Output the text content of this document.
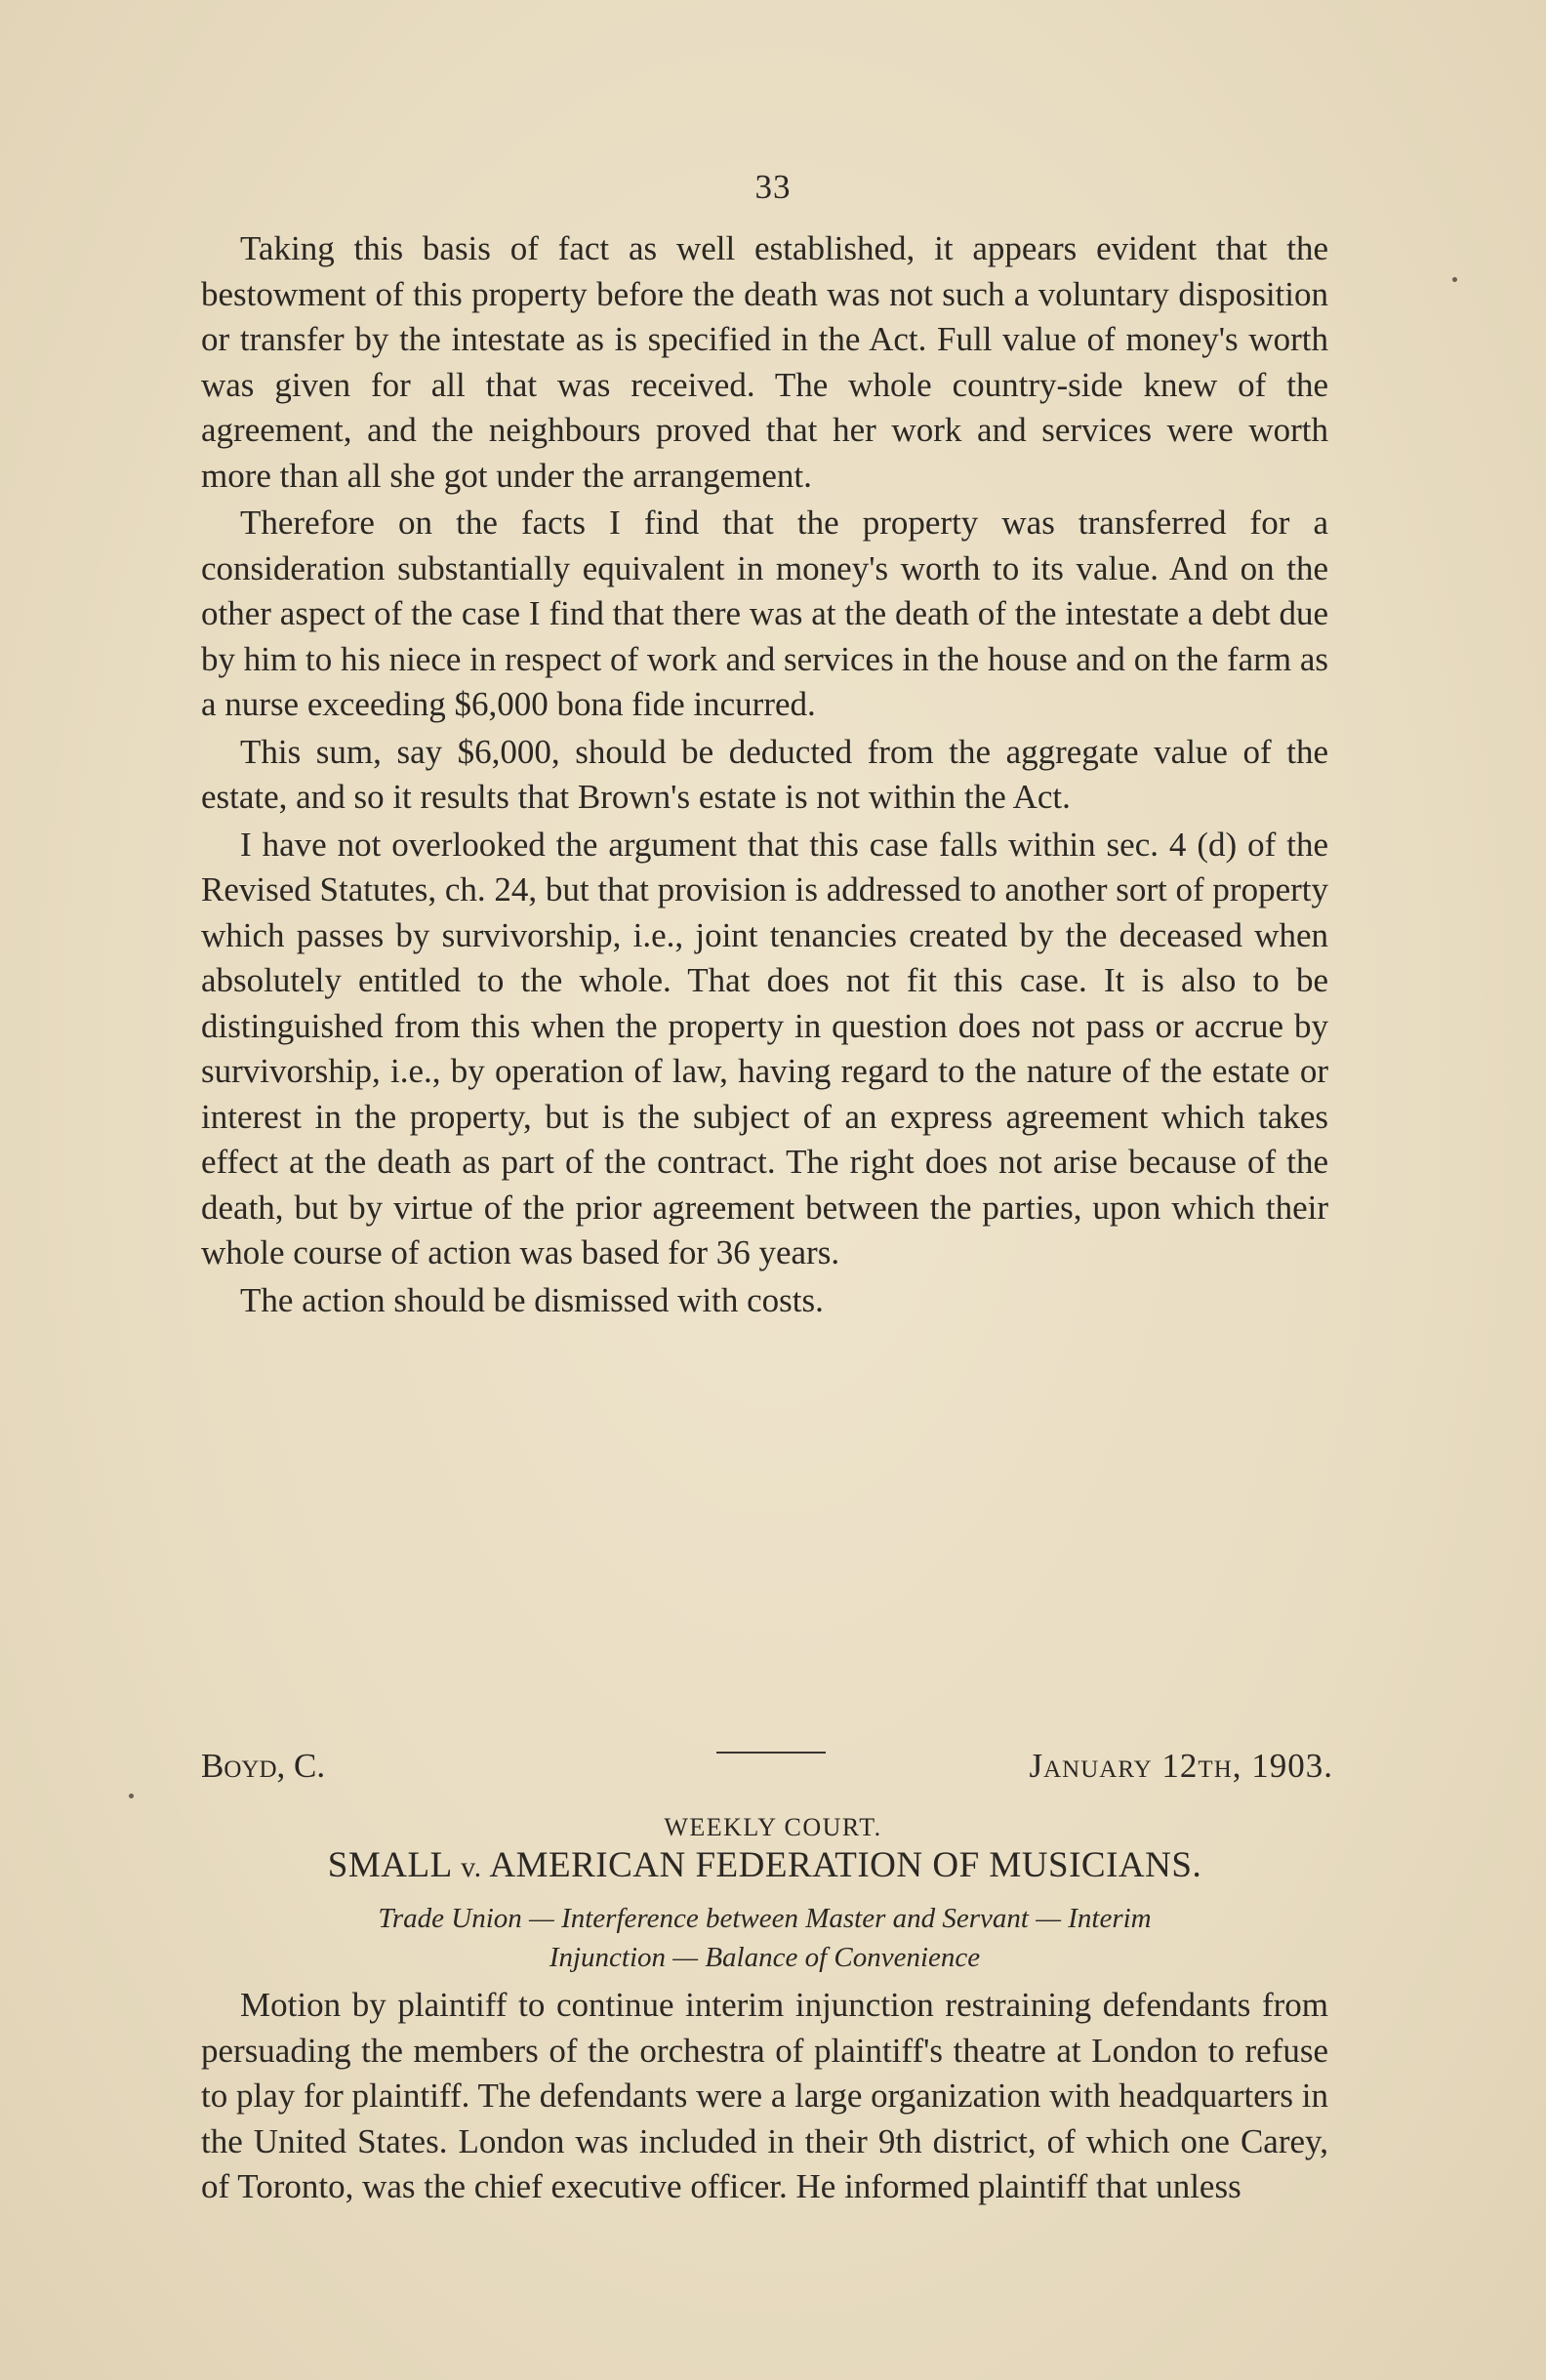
33

Taking this basis of fact as well established, it appears evident that the bestowment of this property before the death was not such a voluntary disposition or transfer by the intestate as is specified in the Act. Full value of money's worth was given for all that was received. The whole country-side knew of the agreement, and the neighbours proved that her work and services were worth more than all she got under the arrangement.

Therefore on the facts I find that the property was transferred for a consideration substantially equivalent in money's worth to its value. And on the other aspect of the case I find that there was at the death of the intestate a debt due by him to his niece in respect of work and services in the house and on the farm as a nurse exceeding $6,000 bona fide incurred.

This sum, say $6,000, should be deducted from the aggregate value of the estate, and so it results that Brown's estate is not within the Act.

I have not overlooked the argument that this case falls within sec. 4 (d) of the Revised Statutes, ch. 24, but that provision is addressed to another sort of property which passes by survivorship, i.e., joint tenancies created by the deceased when absolutely entitled to the whole. That does not fit this case. It is also to be distinguished from this when the property in question does not pass or accrue by survivorship, i.e., by operation of law, having regard to the nature of the estate or interest in the property, but is the subject of an express agreement which takes effect at the death as part of the contract. The right does not arise because of the death, but by virtue of the prior agreement between the parties, upon which their whole course of action was based for 36 years.

The action should be dismissed with costs.

Boyd, C.	January 12th, 1903.
WEEKLY COURT.
SMALL v. AMERICAN FEDERATION OF MUSICIANS.
Trade Union — Interference between Master and Servant — Interim
Injunction — Balance of Convenience

Motion by plaintiff to continue interim injunction restraining defendants from persuading the members of the orchestra of plaintiff's theatre at London to refuse to play for plaintiff. The defendants were a large organization with headquarters in the United States. London was included in their 9th district, of which one Carey, of Toronto, was the chief executive officer. He informed plaintiff that unless
